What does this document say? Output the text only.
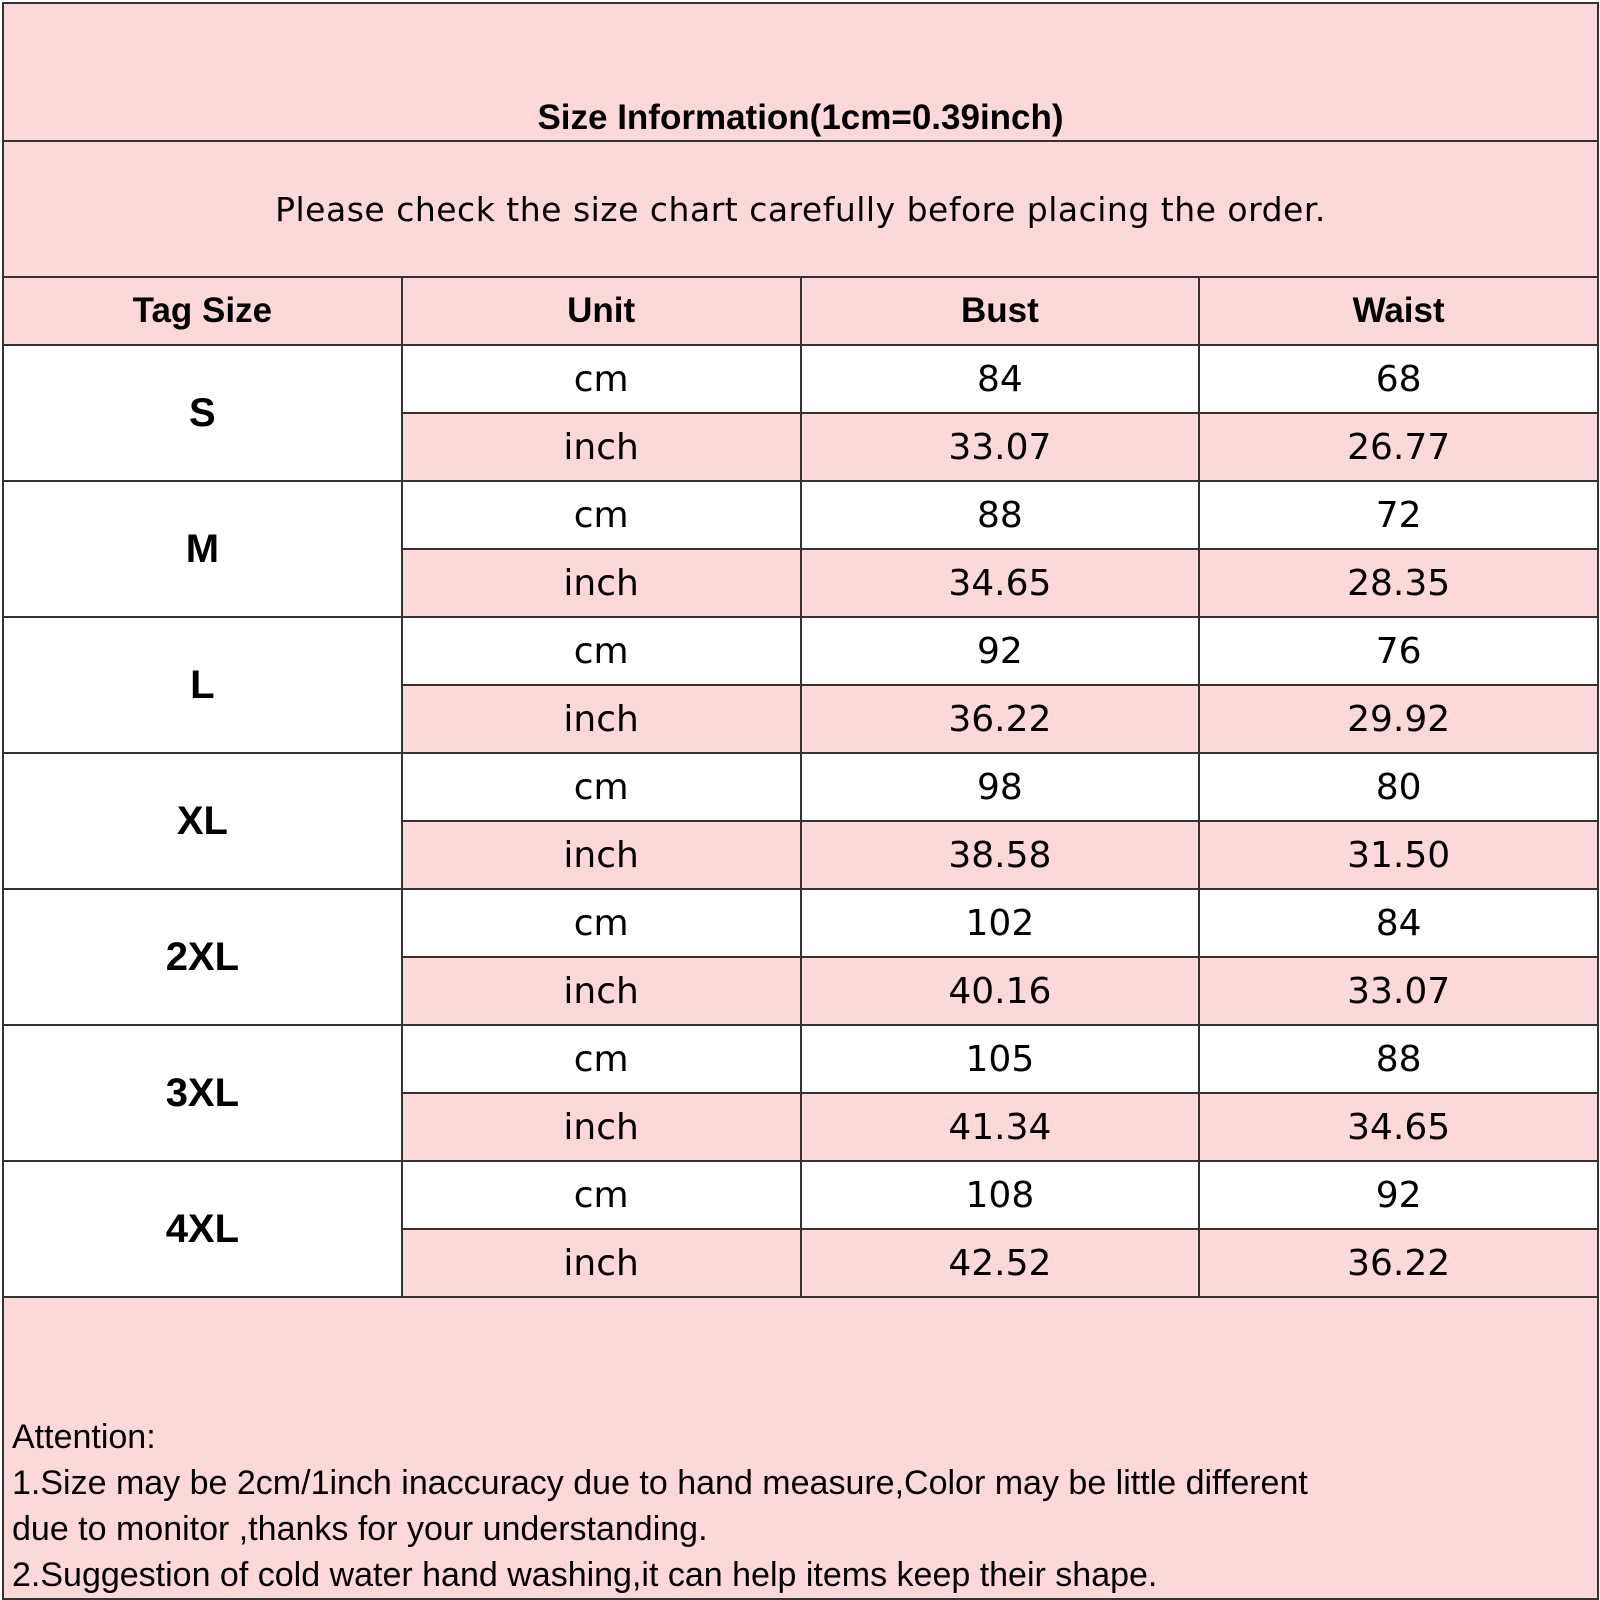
Size Information(1cm=0.39inch)			
Please check the size chart carefully before placing the order.			
Tag Size	Unit	Bust	Waist
S	cm	84	68
	inch	33.07	26.77
M	cm	88	72
	inch	34.65	28.35
L	cm	92	76
	inch	36.22	29.92
XL	cm	98	80
	inch	38.58	31.50
2XL	cm	102	84
	inch	40.16	33.07
3XL	cm	105	88
	inch	41.34	34.65
4XL	cm	108	92
	inch	42.52	36.22

Attention:
1.Size may be 2cm/1inch inaccuracy due to hand measure,Color may be little different
due to monitor ,thanks for your understanding.
2.Suggestion of cold water hand washing,it can help items keep their shape.			
